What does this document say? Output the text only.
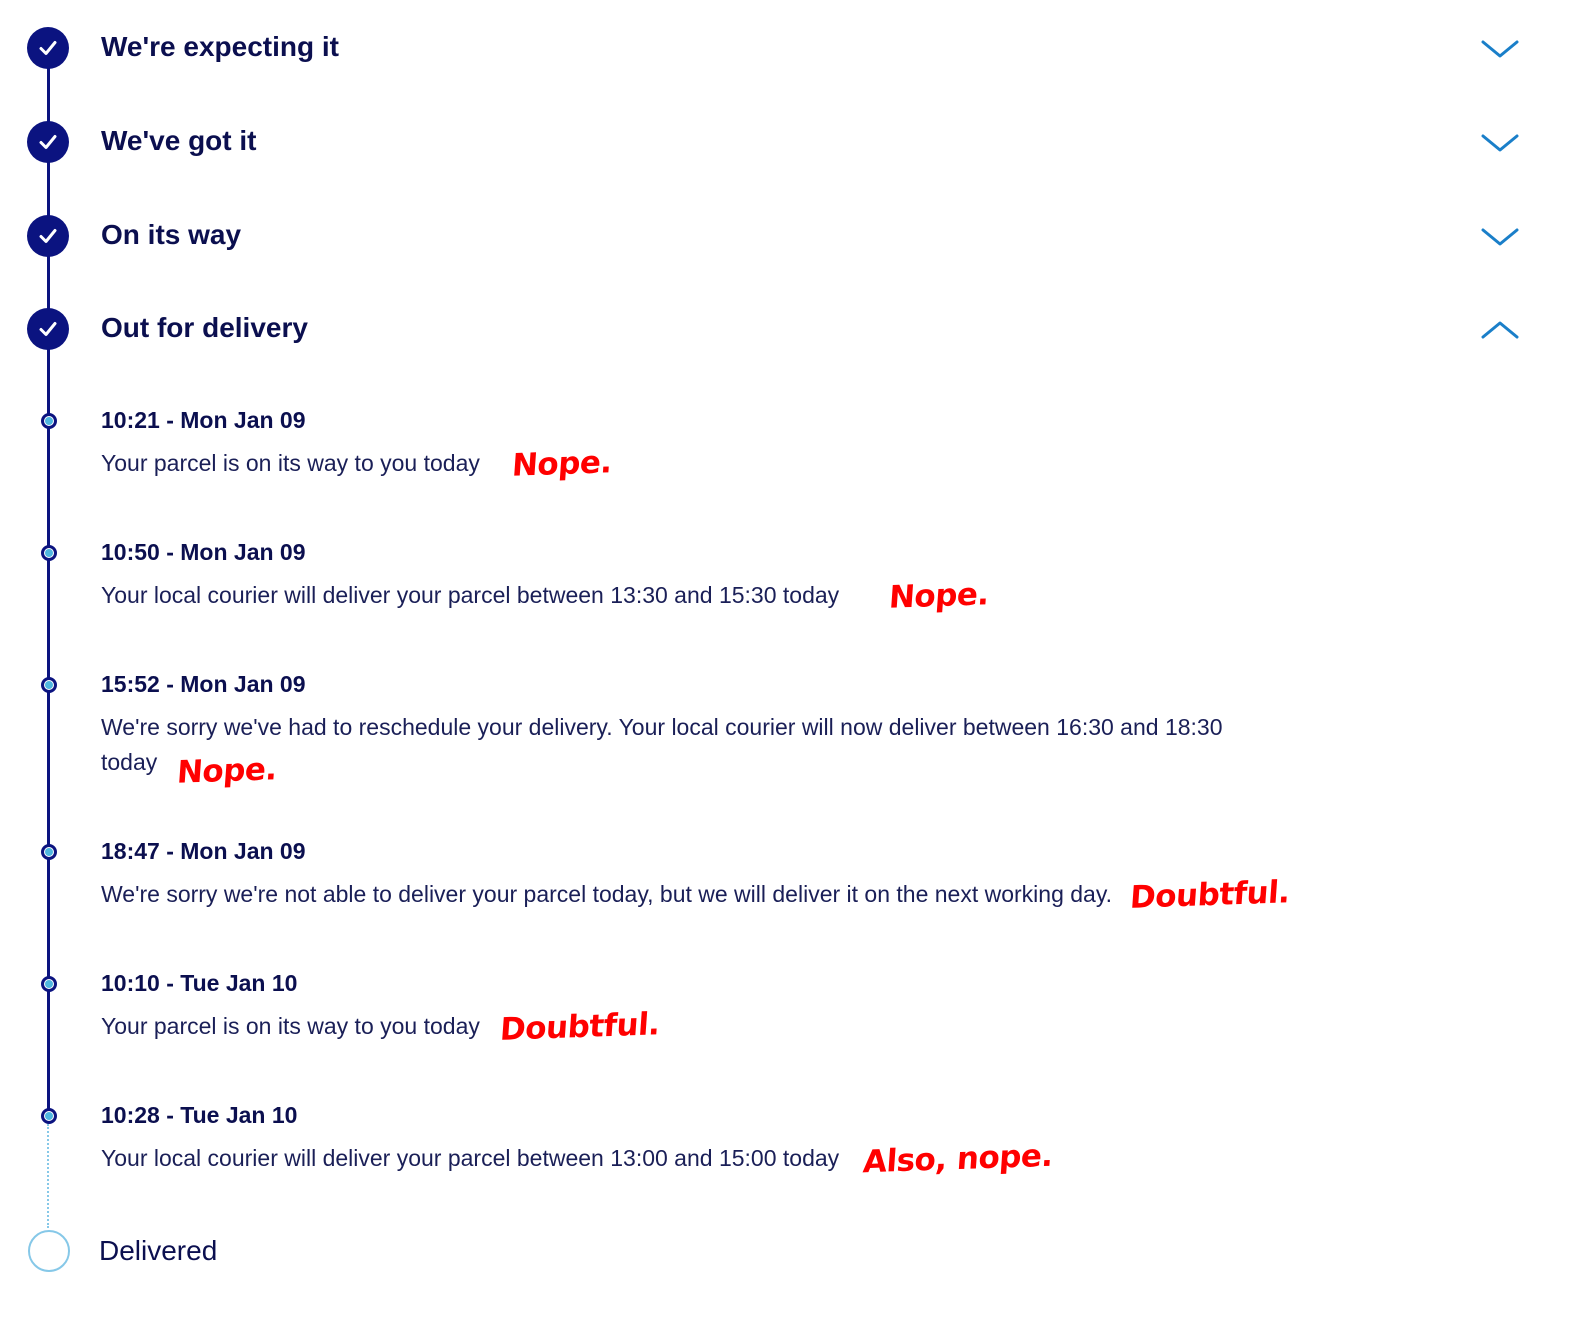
We're expecting it
We've got it
On its way
Out for delivery
10:21 - Mon Jan 09
Your parcel is on its way to you today Nope.
10:50 - Mon Jan 09
Your local courier will deliver your parcel between 13:30 and 15:30 today Nope.
15:52 - Mon Jan 09
We're sorry we've had to reschedule your delivery. Your local courier will now deliver between 16:30 and 18:30
today Nope.
18:47 - Mon Jan 09
We're sorry we're not able to deliver your parcel today, but we will deliver it on the next working day. Doubtful.
10:10 - Tue Jan 10
Your parcel is on its way to you today Doubtful.
10:28 - Tue Jan 10
Your local courier will deliver your parcel between 13:00 and 15:00 today Also, nope.
Delivered
